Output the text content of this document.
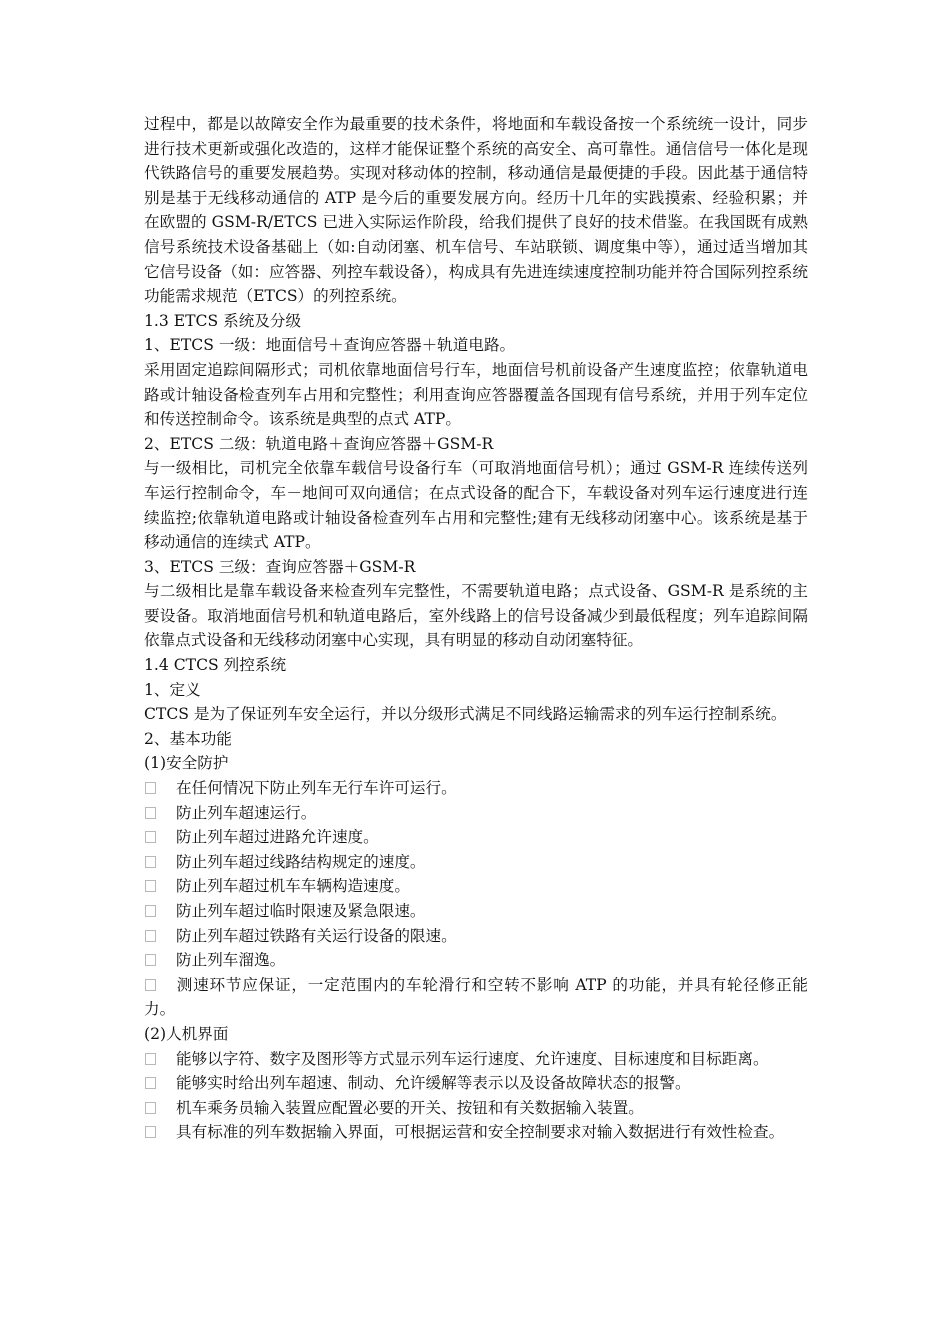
过程中，都是以故障安全作为最重要的技术条件，将地面和车载设备按一个系统统一设计，同步进行技术更新或强化改造的，这样才能保证整个系统的高安全、高可靠性。通信信号一体化是现代铁路信号的重要发展趋势。实现对移动体的控制，移动通信是最便捷的手段。因此基于通信特别是基于无线移动通信的 ATP 是今后的重要发展方向。经历十几年的实践摸索、经验积累；并在欧盟的 GSM-R/ETCS 已进入实际运作阶段，给我们提供了良好的技术借鉴。在我国既有成熟信号系统技术设备基础上（如:自动闭塞、机车信号、车站联锁、调度集中等），通过适当增加其它信号设备（如：应答器、列控车载设备），构成具有先进连续速度控制功能并符合国际列控系统功能需求规范（ETCS）的列控系统。

1.3 ETCS 系统及分级

1、ETCS 一级：地面信号＋查询应答器＋轨道电路。

采用固定追踪间隔形式；司机依靠地面信号行车，地面信号机前设备产生速度监控；依靠轨道电路或计轴设备检查列车占用和完整性；利用查询应答器覆盖各国现有信号系统，并用于列车定位和传送控制命令。该系统是典型的点式 ATP。

2、ETCS 二级：轨道电路＋查询应答器＋GSM-R

与一级相比，司机完全依靠车载信号设备行车（可取消地面信号机）；通过 GSM-R 连续传送列车运行控制命令，车－地间可双向通信；在点式设备的配合下，车载设备对列车运行速度进行连续监控;依靠轨道电路或计轴设备检查列车占用和完整性;建有无线移动闭塞中心。该系统是基于移动通信的连续式 ATP。

3、ETCS 三级：查询应答器＋GSM-R

与二级相比是靠车载设备来检查列车完整性，不需要轨道电路；点式设备、GSM-R 是系统的主要设备。取消地面信号机和轨道电路后，室外线路上的信号设备减少到最低程度；列车追踪间隔依靠点式设备和无线移动闭塞中心实现，具有明显的移动自动闭塞特征。

1.4 CTCS 列控系统

1、定义

CTCS 是为了保证列车安全运行，并以分级形式满足不同线路运输需求的列车运行控制系统。

2、基本功能

(1)安全防护

在任何情况下防止列车无行车许可运行。
防止列车超速运行。
防止列车超过进路允许速度。
防止列车超过线路结构规定的速度。
防止列车超过机车车辆构造速度。
防止列车超过临时限速及紧急限速。
防止列车超过铁路有关运行设备的限速。
防止列车溜逸。
测速环节应保证，一定范围内的车轮滑行和空转不影响 ATP 的功能，并具有轮径修正能力。

(2)人机界面

能够以字符、数字及图形等方式显示列车运行速度、允许速度、目标速度和目标距离。
能够实时给出列车超速、制动、允许缓解等表示以及设备故障状态的报警。
机车乘务员输入装置应配置必要的开关、按钮和有关数据输入装置。
具有标准的列车数据输入界面，可根据运营和安全控制要求对输入数据进行有效性检查。
